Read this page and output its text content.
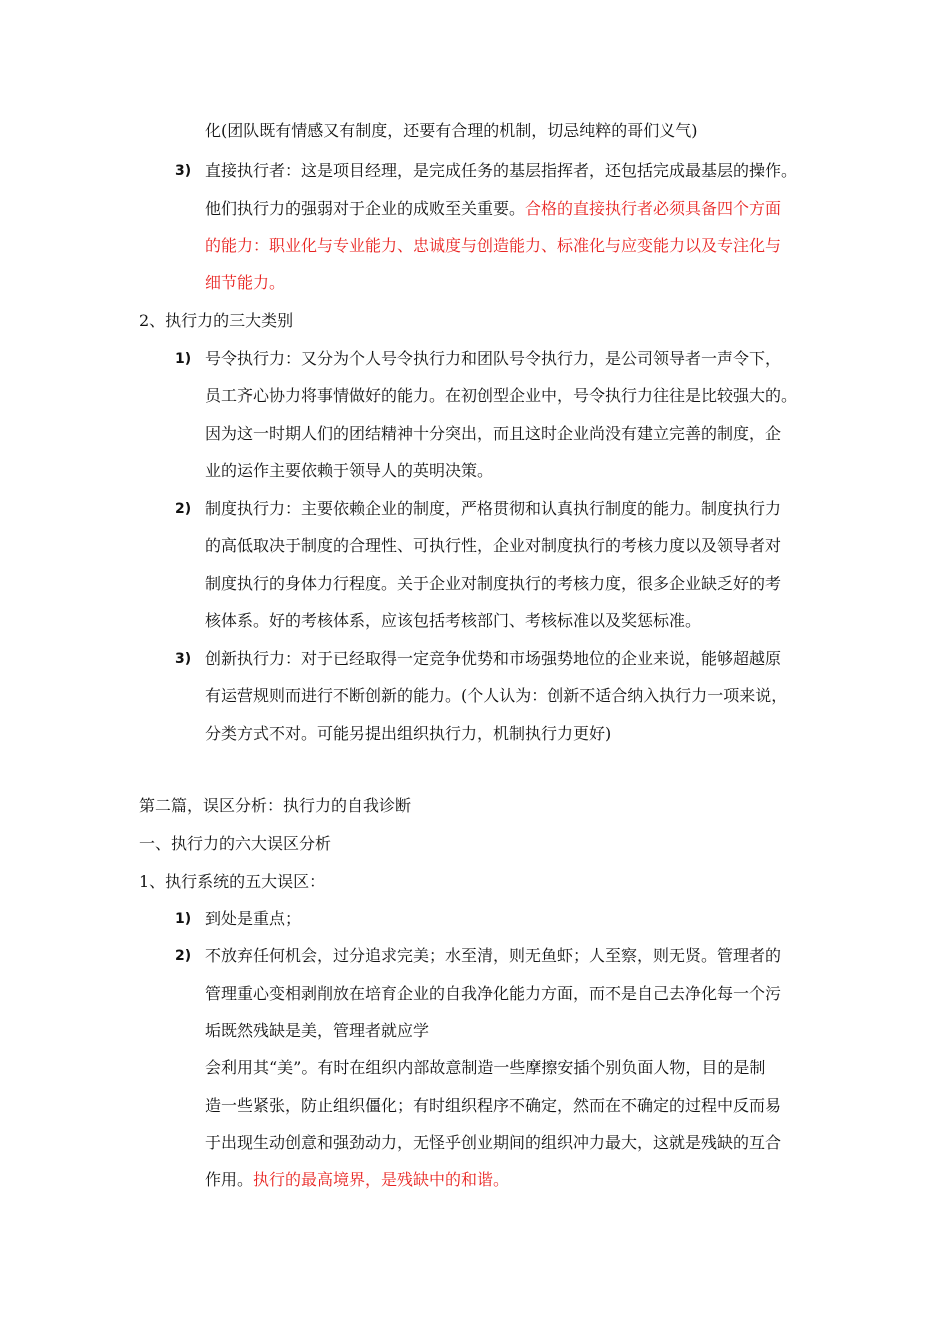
化(团队既有情感又有制度，还要有合理的机制，切忌纯粹的哥们义气)
3) 直接执行者：这是项目经理，是完成任务的基层指挥者，还包括完成最基层的操作。
他们执行力的强弱对于企业的成败至关重要。合格的直接执行者必须具备四个方面
的能力：职业化与专业能力、忠诚度与创造能力、标准化与应变能力以及专注化与
细节能力。
2、执行力的三大类别
1) 号令执行力：又分为个人号令执行力和团队号令执行力，是公司领导者一声令下，
员工齐心协力将事情做好的能力。在初创型企业中，号令执行力往往是比较强大的。
因为这一时期人们的团结精神十分突出，而且这时企业尚没有建立完善的制度，企
业的运作主要依赖于领导人的英明决策。
2) 制度执行力：主要依赖企业的制度，严格贯彻和认真执行制度的能力。制度执行力
的高低取决于制度的合理性、可执行性，企业对制度执行的考核力度以及领导者对
制度执行的身体力行程度。关于企业对制度执行的考核力度，很多企业缺乏好的考
核体系。好的考核体系，应该包括考核部门、考核标准以及奖惩标准。
3) 创新执行力：对于已经取得一定竞争优势和市场强势地位的企业来说，能够超越原
有运营规则而进行不断创新的能力。(个人认为：创新不适合纳入执行力一项来说，
分类方式不对。可能另提出组织执行力，机制执行力更好)
第二篇，误区分析：执行力的自我诊断
一、执行力的六大误区分析
1、执行系统的五大误区：
1) 到处是重点；
2) 不放弃任何机会，过分追求完美；水至清，则无鱼虾；人至察，则无贤。管理者的
管理重心变相剥削放在培育企业的自我净化能力方面，而不是自己去净化每一个污
垢既然残缺是美，管理者就应学
会利用其“美”。有时在组织内部故意制造一些摩擦安插个别负面人物，目的是制
造一些紧张，防止组织僵化；有时组织程序不确定，然而在不确定的过程中反而易
于出现生动创意和强劲动力，无怪乎创业期间的组织冲力最大，这就是残缺的互合
作用。执行的最高境界，是残缺中的和谐。
